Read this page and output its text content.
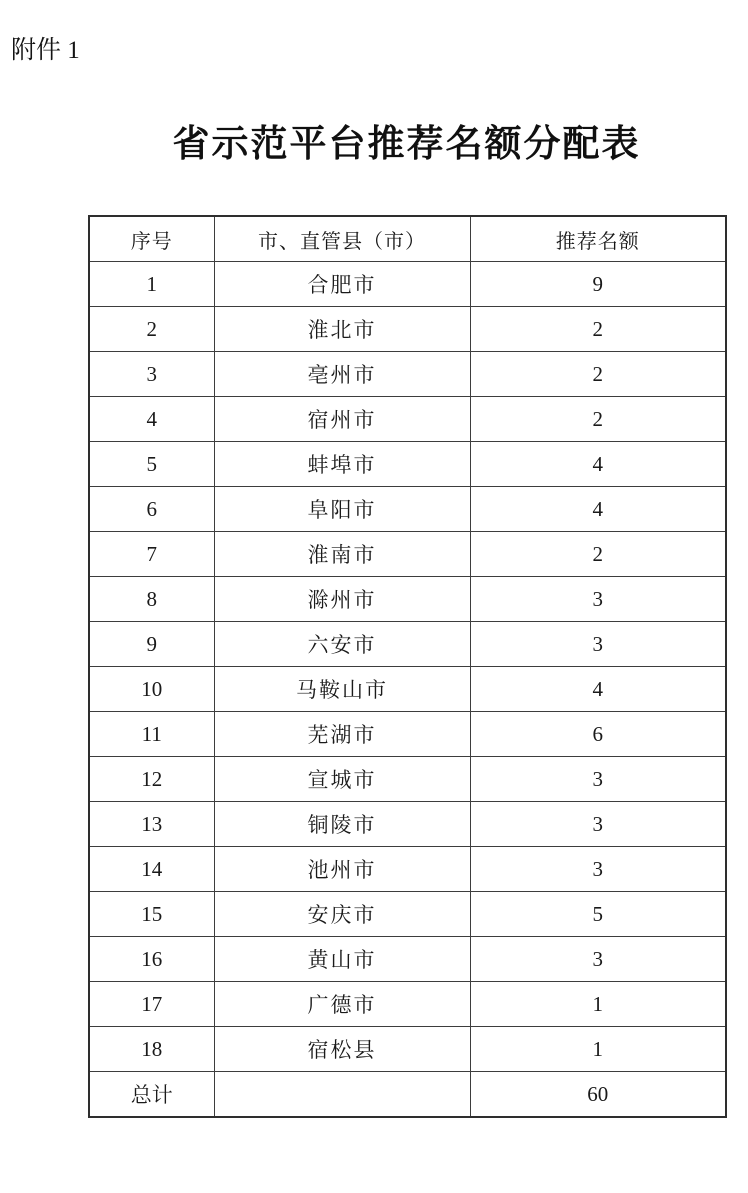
附件 1
省示范平台推荐名额分配表
序号	市、直管县（市）	推荐名额
1	合肥市	9
2	淮北市	2
3	亳州市	2
4	宿州市	2
5	蚌埠市	4
6	阜阳市	4
7	淮南市	2
8	滁州市	3
9	六安市	3
10	马鞍山市	4
11	芜湖市	6
12	宣城市	3
13	铜陵市	3
14	池州市	3
15	安庆市	5
16	黄山市	3
17	广德市	1
18	宿松县	1
总计		60
